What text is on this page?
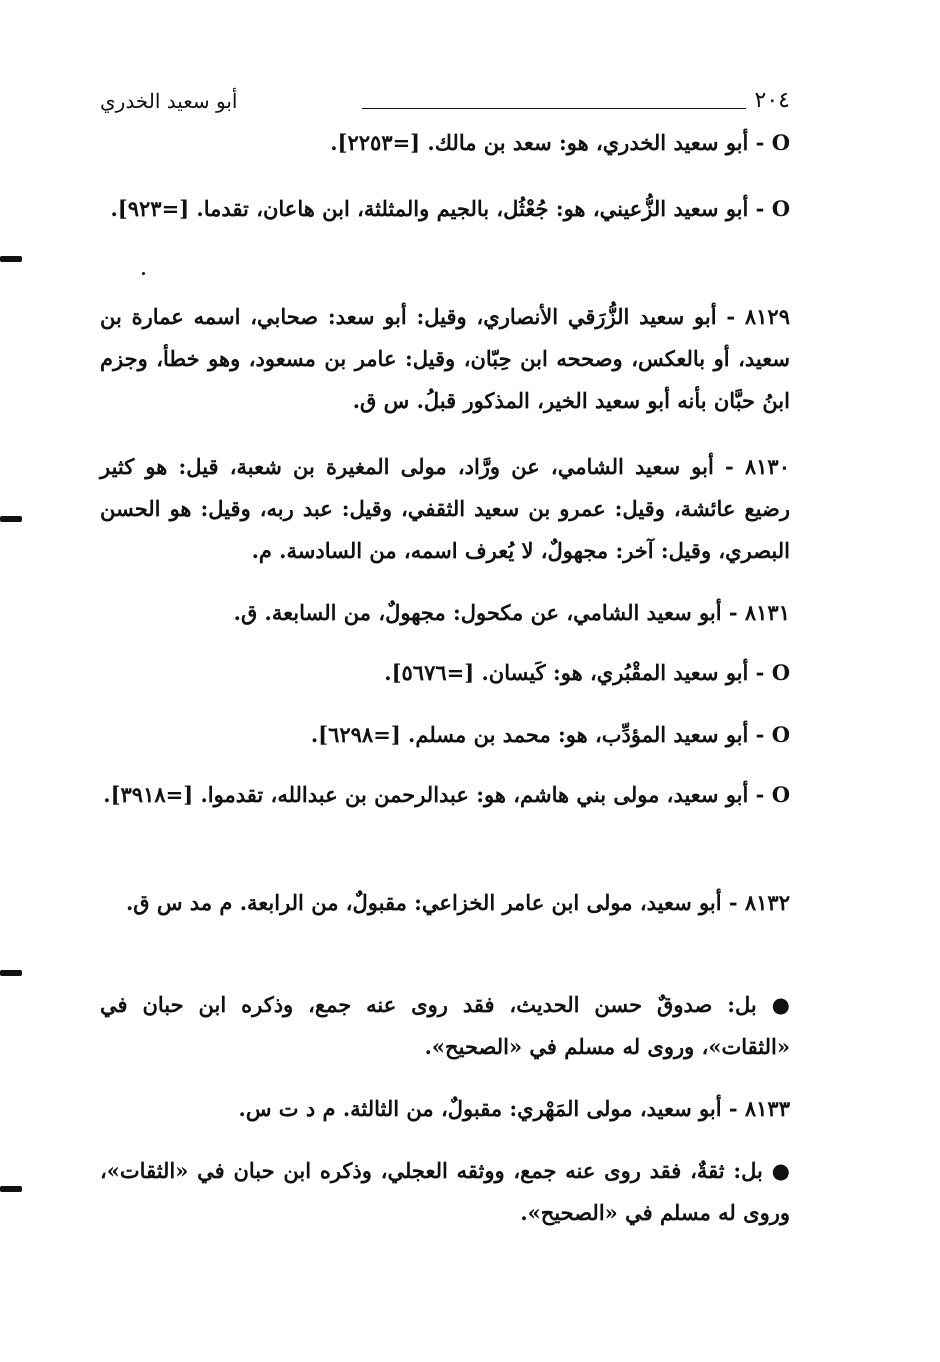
٢٠٤
أبو سعيد الخدري

O - أبو سعيد الخدري، هو: سعد بن مالك. [=٢٢٥٣].

O - أبو سعيد الزُّعيني، هو: جُعْثُل، بالجيم والمثلثة، ابن هاعان، تقدما. [=٩٢٣].

٨١٢٩ - أبو سعيد الزُّرَقي الأنصاري، وقيل: أبو سعد: صحابي، اسمه عمارة بن سعيد، أو بالعكس، وصححه ابن حِبّان، وقيل: عامر بن مسعود، وهو خطأ، وجزم ابنُ حبَّان بأنه أبو سعيد الخير، المذكور قبلُ. س ق.

٨١٣٠ - أبو سعيد الشامي، عن ورَّاد، مولى المغيرة بن شعبة، قيل: هو كثير رضيع عائشة، وقيل: عمرو بن سعيد الثقفي، وقيل: عبد ربه، وقيل: هو الحسن البصري، وقيل: آخر: مجهولٌ، لا يُعرف اسمه، من السادسة. م.

٨١٣١ - أبو سعيد الشامي، عن مكحول: مجهولٌ، من السابعة. ق.

O - أبو سعيد المقْبُري، هو: كَيسان. [=٥٦٧٦].

O - أبو سعيد المؤدِّب، هو: محمد بن مسلم. [=٦٢٩٨].

O - أبو سعيد، مولى بني هاشم، هو: عبدالرحمن بن عبدالله، تقدموا. [=٣٩١٨].

٨١٣٢ - أبو سعيد، مولى ابن عامر الخزاعي: مقبولٌ، من الرابعة. م مد س ق.

● بل: صدوقٌ حسن الحديث، فقد روى عنه جمع، وذكره ابن حبان في «الثقات»، وروى له مسلم في «الصحيح».

٨١٣٣ - أبو سعيد، مولى المَهْري: مقبولٌ، من الثالثة. م د ت س.

● بل: ثقةٌ، فقد روى عنه جمع، ووثقه العجلي، وذكره ابن حبان في «الثقات»، وروى له مسلم في «الصحيح».
